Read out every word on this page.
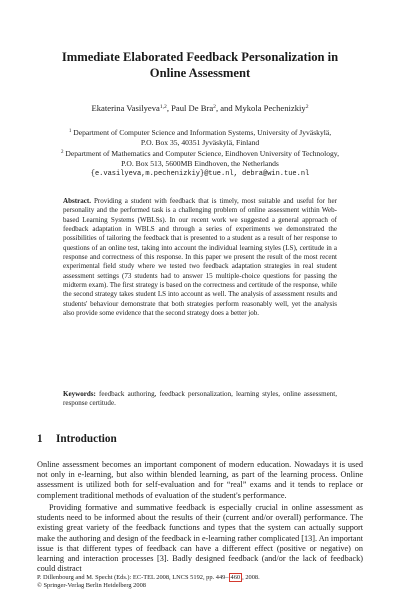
Immediate Elaborated Feedback Personalization in
Online Assessment
Ekaterina Vasilyeva$^{1,2}$, Paul De Bra$^2$, and Mykola Pechenizkiy$^2$
$^1$ Department of Computer Science and Information Systems, University of Jyväskylä,
P.O. Box 35, 40351 Jyväskylä, Finland
$^2$ Department of Mathematics and Computer Science, Eindhoven University of Technology,
P.O. Box 513, 5600MB Eindhoven, the Netherlands
{e.vasilyeva,m.pechenizkiy}@tue.nl, debra@win.tue.nl

Abstract. Providing a student with feedback that is timely, most suitable and useful for her personality and the performed task is a challenging problem of online assessment within Web-based Learning Systems (WBLSs). In our recent work we suggested a general approach of feedback adaptation in WBLS and through a series of experiments we demonstrated the possibilities of tailoring the feedback that is presented to a student as a result of her response to questions of an online test, taking into account the individual learning styles (LS), certitude in a response and correctness of this response. In this paper we present the result of the most recent experimental field study where we tested two feedback adaptation strategies in real student assessment settings (73 students had to answer 15 multiple-choice questions for passing the midterm exam). The first strategy is based on the correctness and certitude of the response, while the second strategy takes student LS into account as well. The analysis of assessment results and students' behaviour demonstrate that both strategies perform reasonably well, yet the analysis also provide some evidence that the second strategy does a better job.

Keywords: feedback authoring, feedback personalization, learning styles, online assessment, response certitude.

1 Introduction

Online assessment becomes an important component of modern education. Nowadays it is used not only in e-learning, but also within blended learning, as part of the learning process. Online assessment is utilized both for self-evaluation and for “real” exams and it tends to replace or complement traditional methods of evaluation of the student's performance.

Providing formative and summative feedback is especially crucial in online assessment as students need to be informed about the results of their (current and/or overall) performance. The existing great variety of the feedback functions and types that the system can actually support make the authoring and design of the feedback in e-learning rather complicated [13]. An important issue is that different types of feedback can have a different effect (positive or negative) on learning and interaction processes [3]. Badly designed feedback (and/or the lack of feedback) could distract

P. Dillenbourg and M. Specht (Eds.): EC-TEL 2008, LNCS 5192, pp. 449– 460 , 2008.
© Springer-Verlag Berlin Heidelberg 2008
